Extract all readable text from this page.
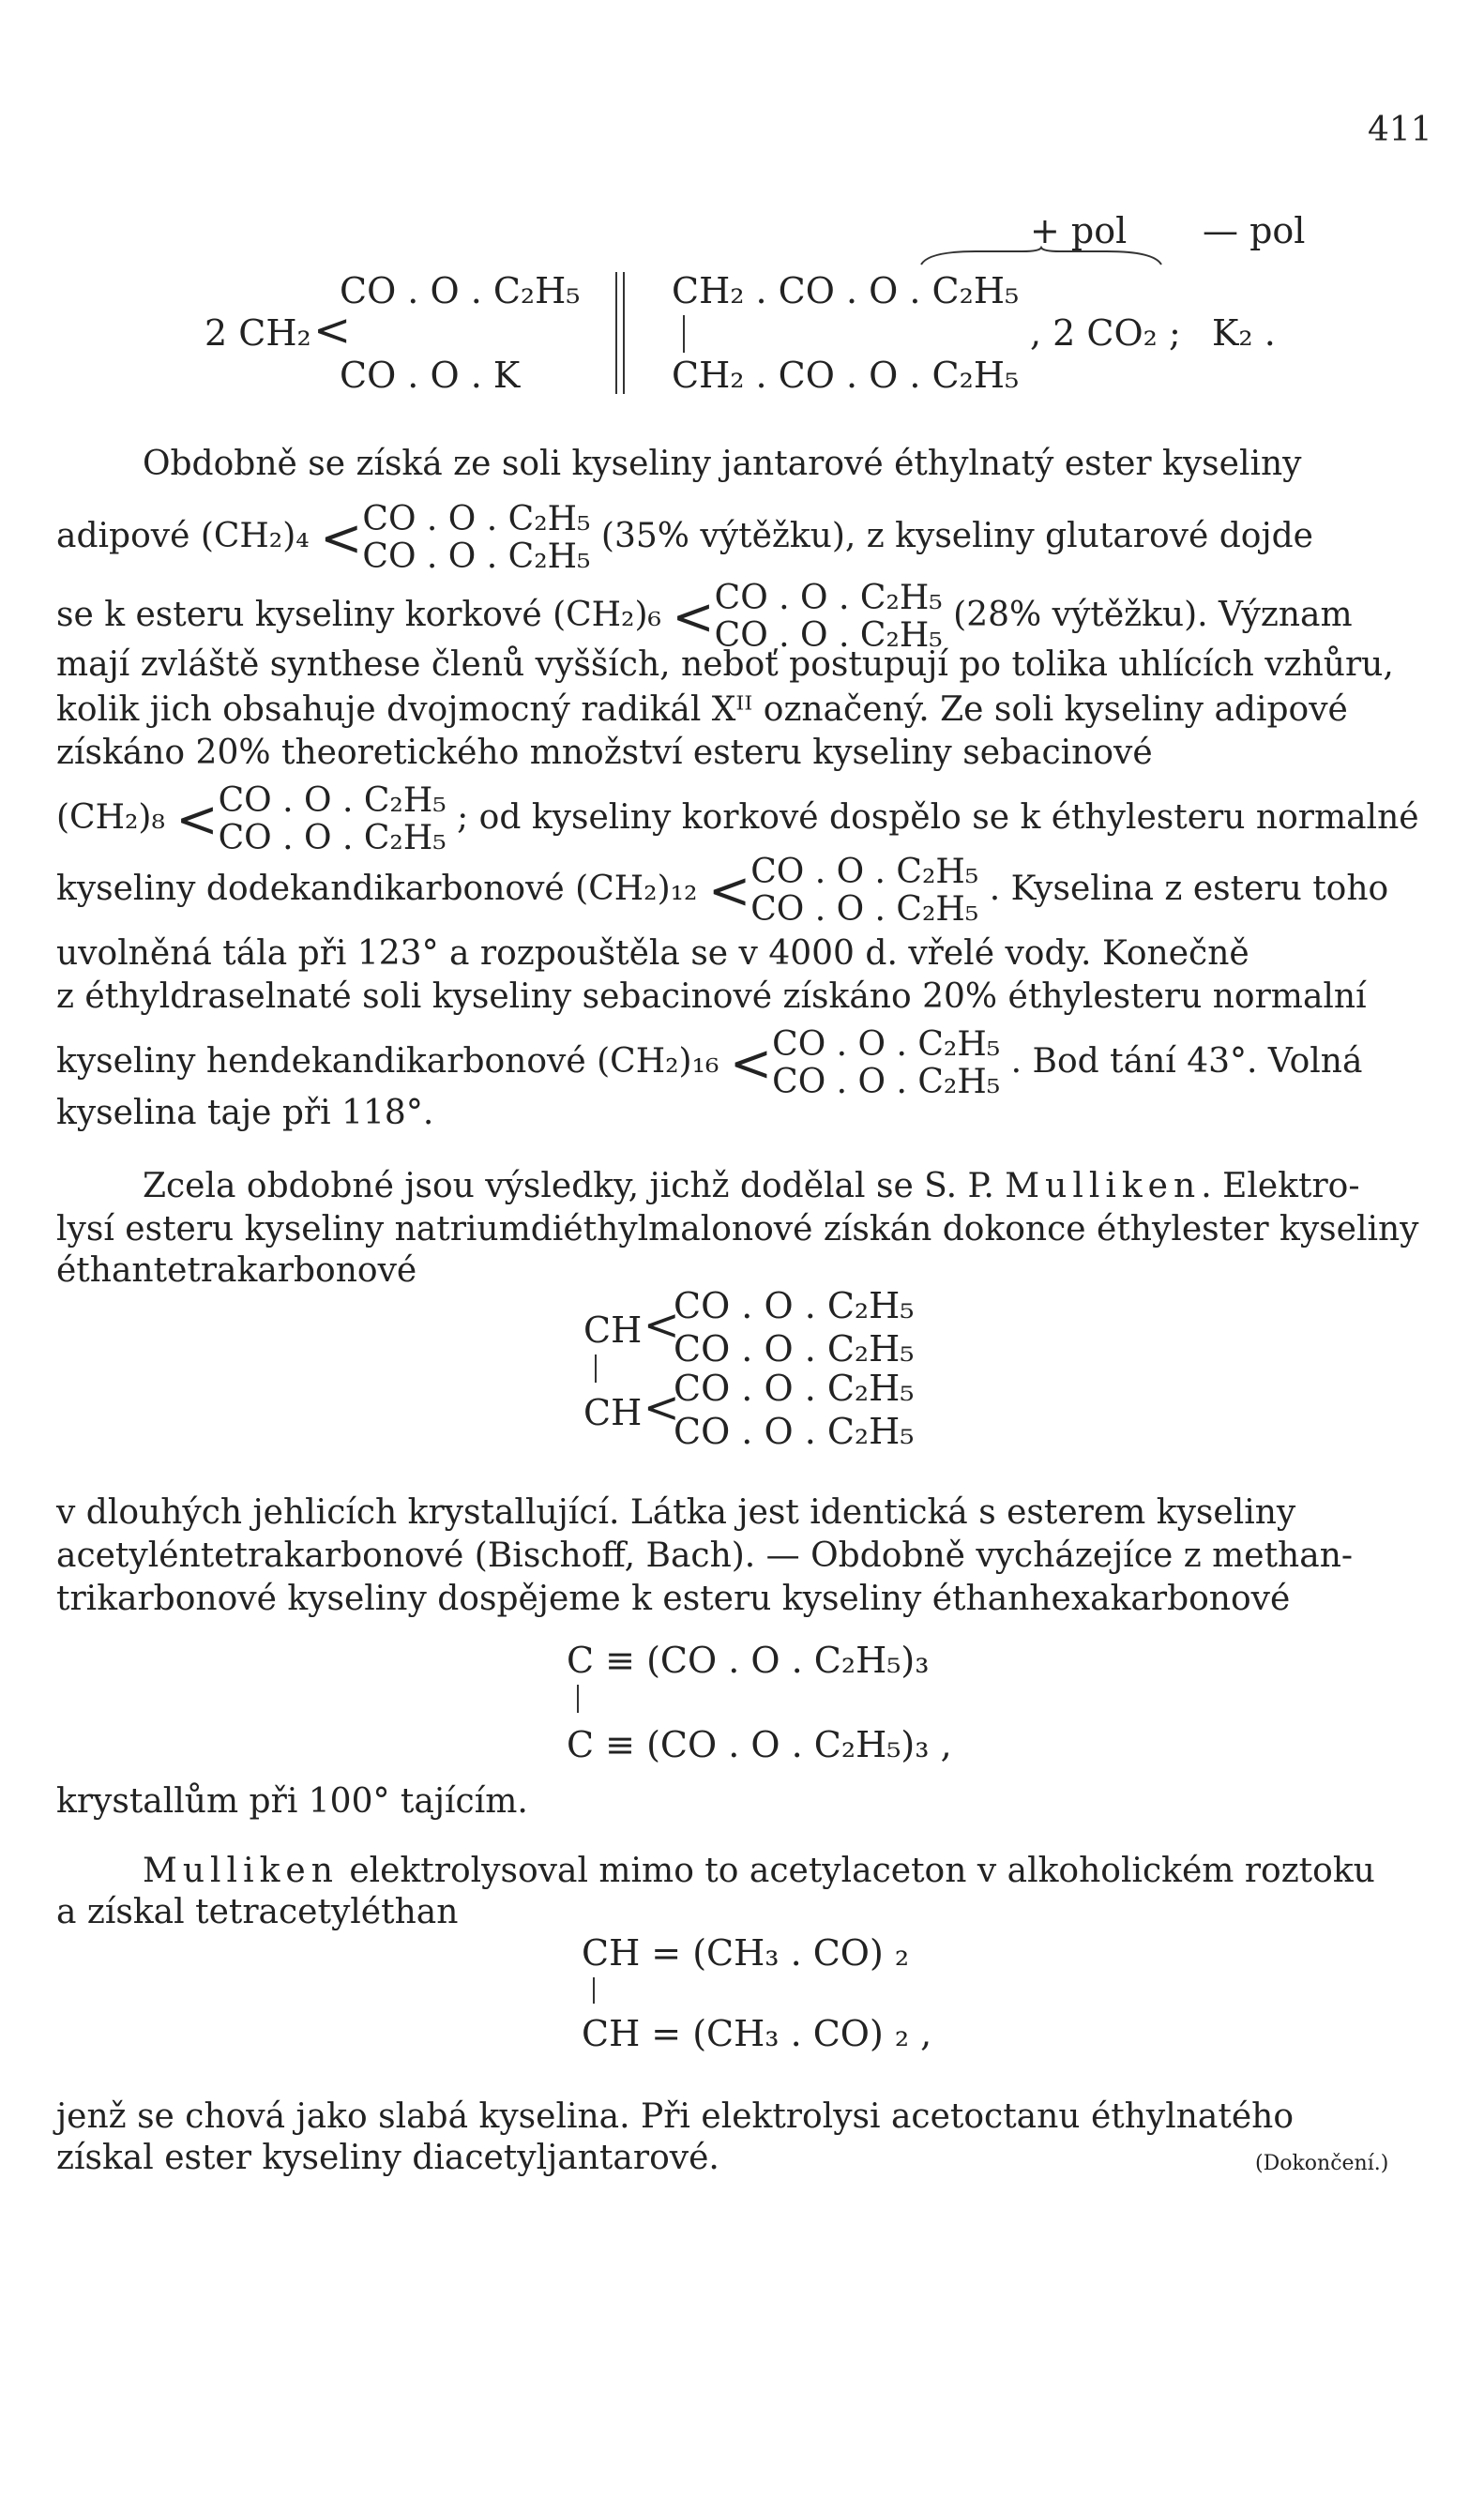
411
+ pol — pol
CO . O . C₂H₅
2 CH₂ <
CO . O . K
CH₂ . CO . O . C₂H₅
CH₂ . CO . O . C₂H₅
, 2 CO₂ ; K₂ .
Obdobně se získá ze soli kyseliny jantarové éthylnatý ester kyseliny
adipové (CH₂)₄ < CO . O . C₂H₅
CO . O . C₂H₅
(35% výtěžku), z kyseliny glutarové dojde
se k esteru kyseliny korkové (CH₂)₆ < CO . O . C₂H₅
CO . O . C₂H₅
(28% výtěžku). Význam
mají zvláště synthese členů vyšších, neboť postupují po tolika uhlících vzhůru,
kolik jich obsahuje dvojmocný radikál Xᴵᴵ označený. Ze soli kyseliny adipové
získáno 20% theoretického množství esteru kyseliny sebacinové
(CH₂)₈ < CO . O . C₂H₅
CO . O . C₂H₅
; od kyseliny korkové dospělo se k éthylesteru normalné
kyseliny dodekandikarbonové (CH₂)₁₂ < CO . O . C₂H₅
CO . O . C₂H₅
. Kyselina z esteru toho
uvolněná tála při 123° a rozpouštěla se v 4000 d. vřelé vody. Konečně
z éthyldraselnaté soli kyseliny sebacinové získáno 20% éthylesteru normalní
kyseliny hendekandikarbonové (CH₂)₁₆ < CO . O . C₂H₅
CO . O . C₂H₅
. Bod tání 43°. Volná
kyselina taje při 118°.
Zcela obdobné jsou výsledky, jichž dodělal se S. P. Mulliken. Elektro-
lysí esteru kyseliny natriumdiéthylmalonové získán dokonce éthylester kyseliny
éthantetrakarbonové
CH <
CO . O . C₂H₅
CO . O . C₂H₅
CH <
CO . O . C₂H₅
CO . O . C₂H₅
v dlouhých jehlicích krystallující. Látka jest identická s esterem kyseliny
acetyléntetrakarbonové (Bischoff, Bach). — Obdobně vycházejíce z methan-
trikarbonové kyseliny dospějeme k esteru kyseliny éthanhexakarbonové
C ≡ (CO . O . C₂H₅)₃
C ≡ (CO . O . C₂H₅)₃ ,
krystallům při 100° tajícím.
Mulliken elektrolysoval mimo to acetylaceton v alkoholickém roztoku
a získal tetracetyléthan
CH = (CH₃ . CO) ₂
CH = (CH₃ . CO) ₂ ,
jenž se chová jako slabá kyselina. Při elektrolysi acetoctanu éthylnatého
získal ester kyseliny diacetyljantarové.	(Dokončení.)
